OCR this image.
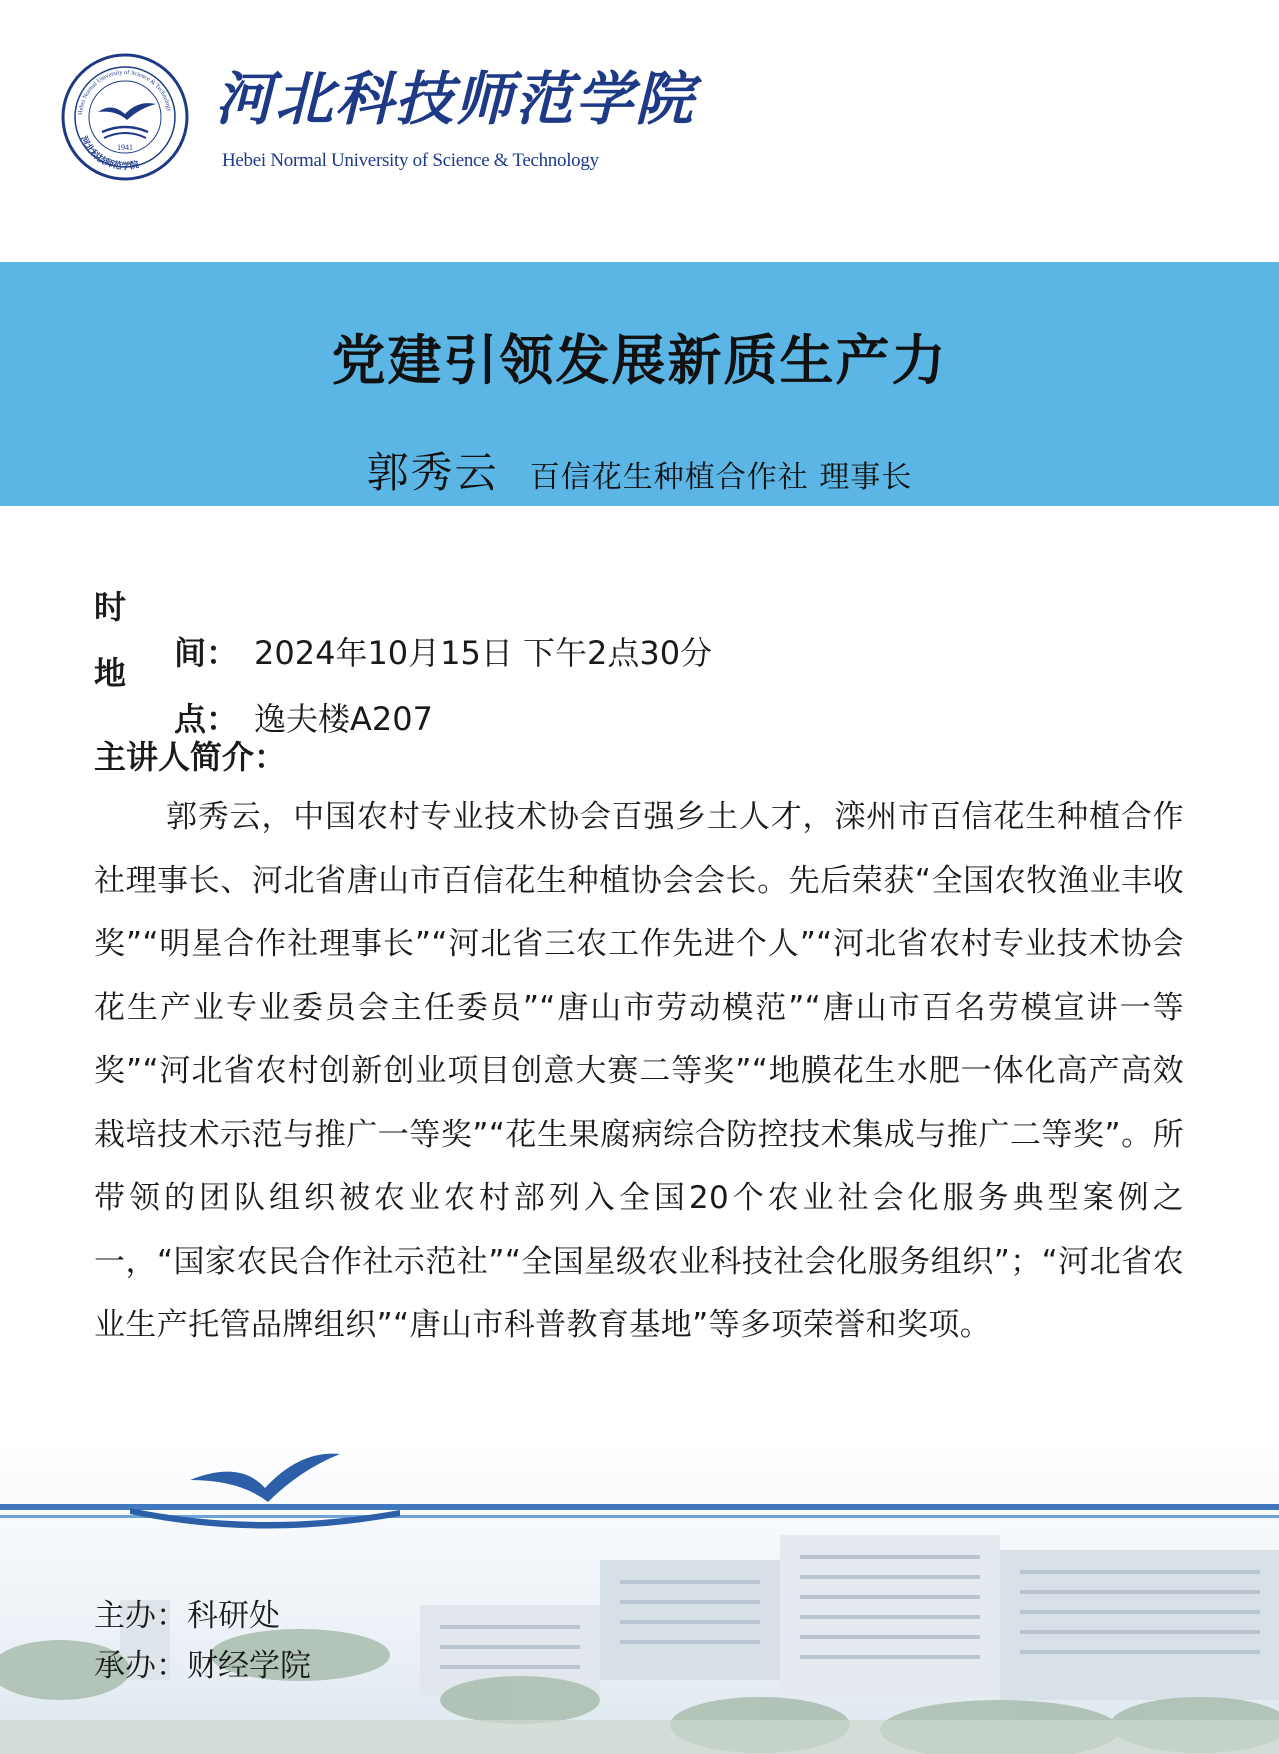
Hebei Normal University of Science & Technology
河北科技师范学院
1941
河北科技师范学院
Hebei Normal University of Science & Technology
党建引领发展新质生产力
郭秀云 百信花生种植合作社 理事长
时间： 2024年10月15日 下午2点30分
地点： 逸夫楼A207
主讲人简介：
郭秀云，中国农村专业技术协会百强乡土人才，滦州市百信花生种植合作社理事长、河北省唐山市百信花生种植协会会长。先后荣获“全国农牧渔业丰收奖”“明星合作社理事长”“河北省三农工作先进个人”“河北省农村专业技术协会花生产业专业委员会主任委员”“唐山市劳动模范”“唐山市百名劳模宣讲一等奖”“河北省农村创新创业项目创意大赛二等奖”“地膜花生水肥一体化高产高效栽培技术示范与推广一等奖”“花生果腐病综合防控技术集成与推广二等奖”。所带领的团队组织被农业农村部列入全国20个农业社会化服务典型案例之一，“国家农民合作社示范社”“全国星级农业科技社会化服务组织”；“河北省农业生产托管品牌组织”“唐山市科普教育基地”等多项荣誉和奖项。
主办：科研处
承办：财经学院
